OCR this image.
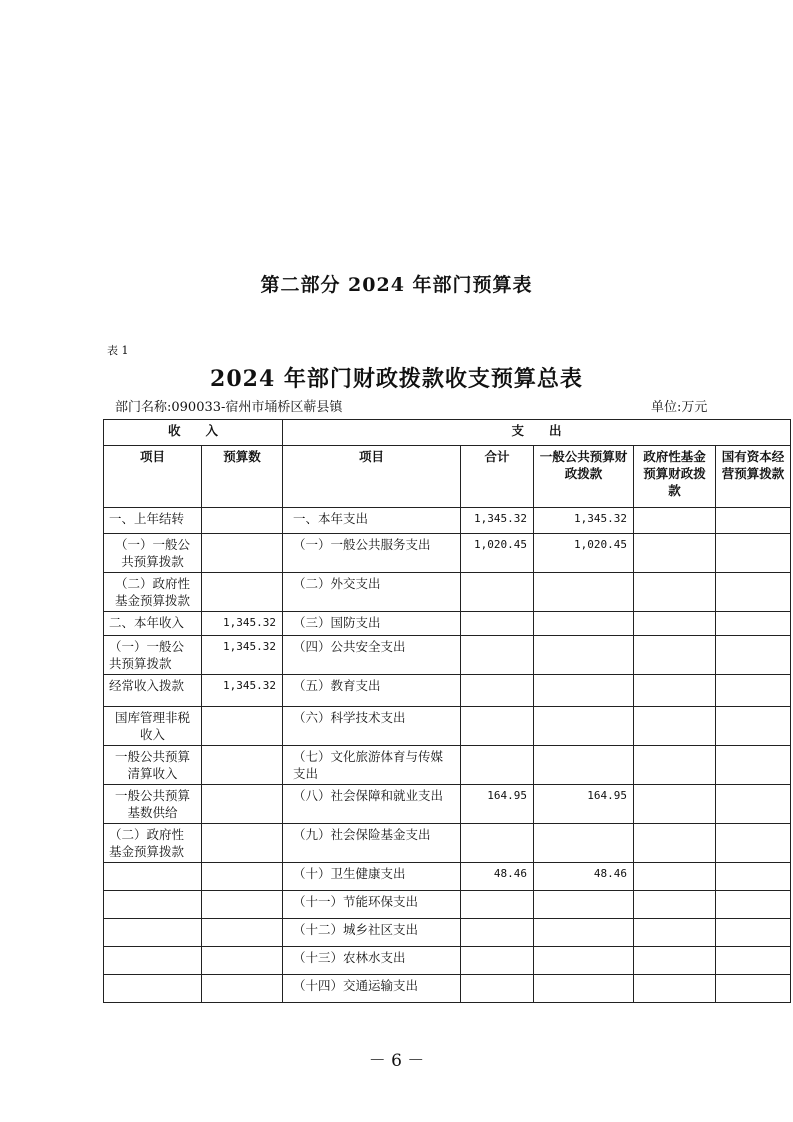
第二部分 2024 年部门预算表
表 1
2024 年部门财政拨款收支预算总表
部门名称:090033-宿州市埇桥区蕲县镇	单位:万元
收　　入		支　　出				
项目	预算数	项目	合计	一般公共预算财政拨款	政府性基金预算财政拨款	国有资本经营预算拨款
一、上年结转		一、本年支出	1,345.32	1,345.32		
（一）一般公共预算拨款		（一）一般公共服务支出	1,020.45	1,020.45		
（二）政府性基金预算拨款		（二）外交支出				
二、本年收入	1,345.32	（三）国防支出				
（一）一般公共预算拨款	1,345.32	（四）公共安全支出				
经常收入拨款	1,345.32	（五）教育支出				
国库管理非税收入		（六）科学技术支出				
一般公共预算清算收入		（七）文化旅游体育与传媒支出				
一般公共预算基数供给		（八）社会保障和就业支出	164.95	164.95		
（二）政府性基金预算拨款		（九）社会保险基金支出				
		（十）卫生健康支出	48.46	48.46		
		（十一）节能环保支出				
		（十二）城乡社区支出				
		（十三）农林水支出				
		（十四）交通运输支出				
－ 6 －
